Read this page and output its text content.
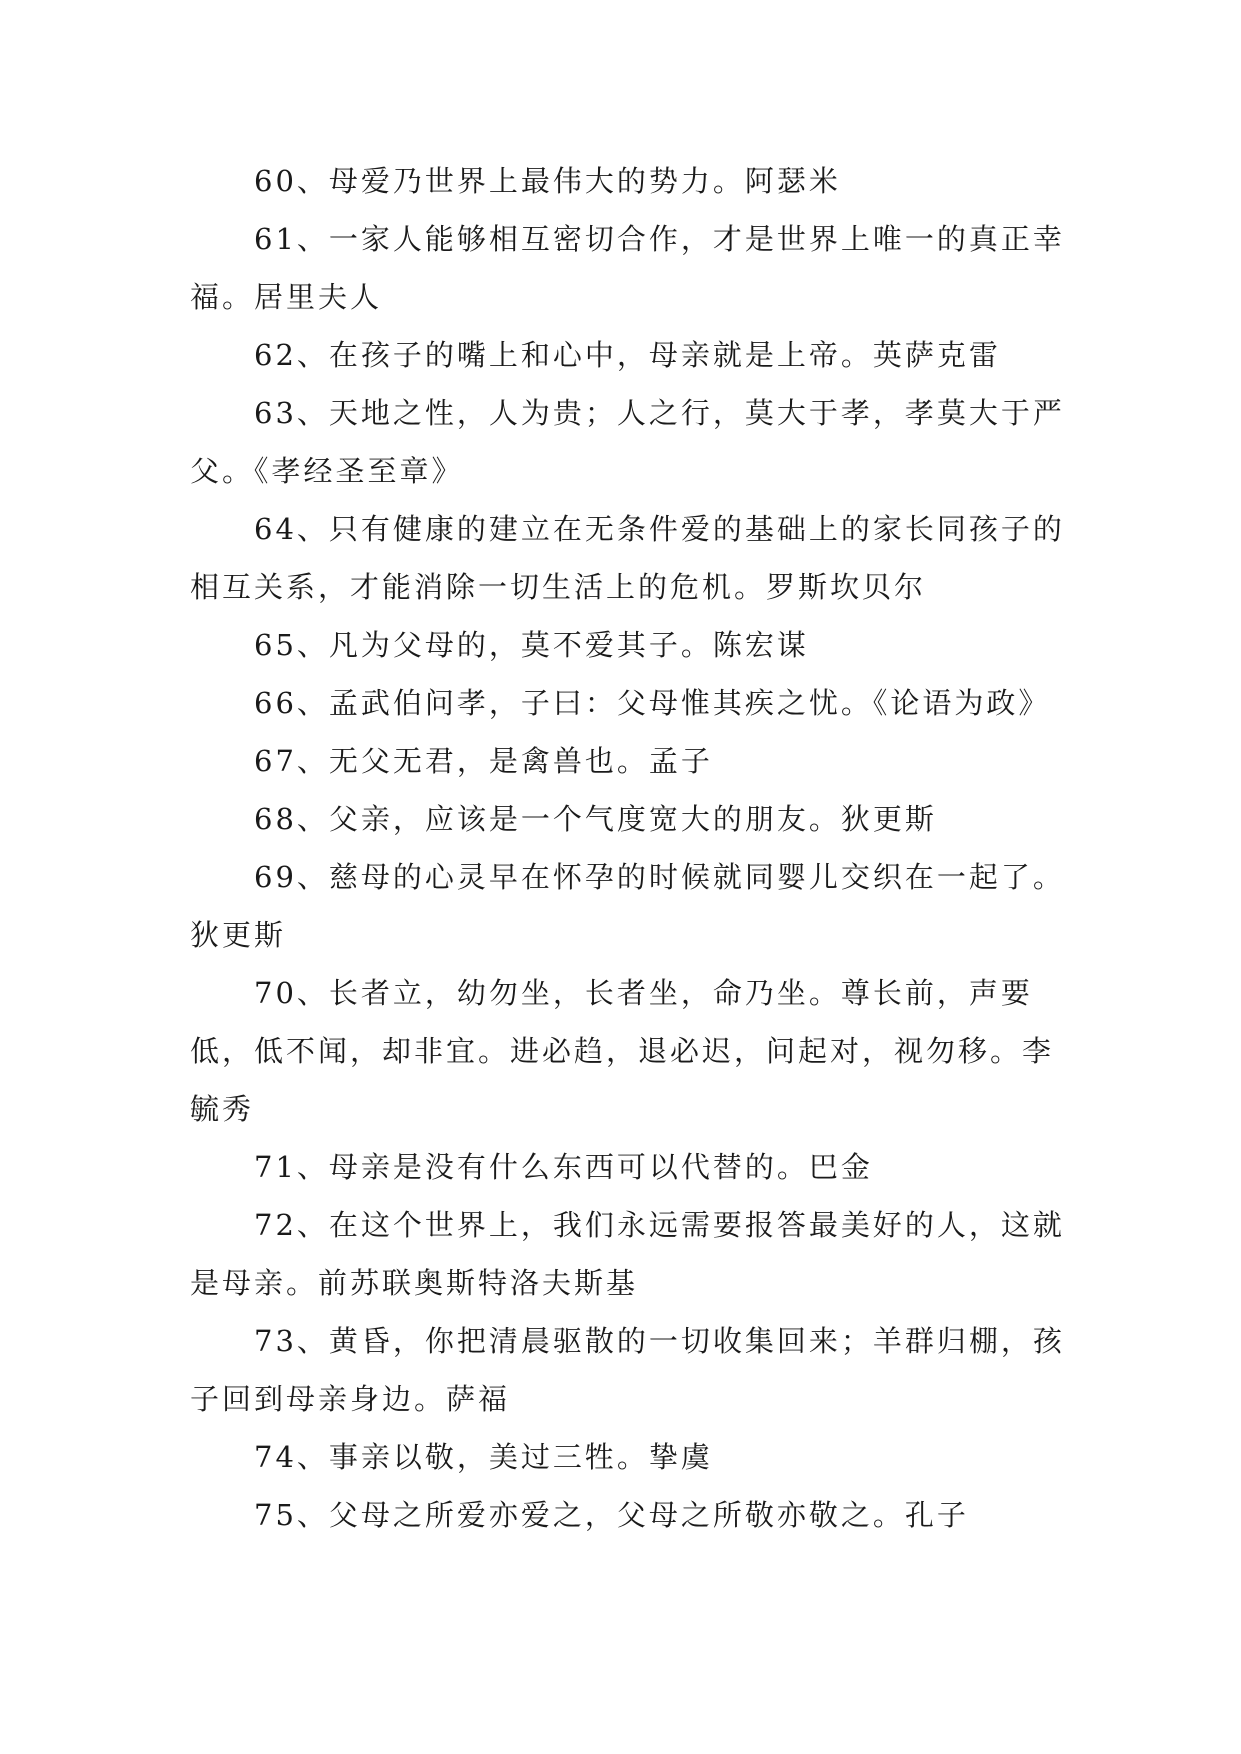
60、母爱乃世界上最伟大的势力。阿瑟米

61、一家人能够相互密切合作，才是世界上唯一的真正幸福。居里夫人

62、在孩子的嘴上和心中，母亲就是上帝。英萨克雷

63、天地之性，人为贵；人之行，莫大于孝，孝莫大于严父。《孝经圣至章》

64、只有健康的建立在无条件爱的基础上的家长同孩子的相互关系，才能消除一切生活上的危机。罗斯坎贝尔

65、凡为父母的，莫不爱其子。陈宏谋

66、孟武伯问孝，子曰：父母惟其疾之忧。《论语为政》

67、无父无君，是禽兽也。孟子

68、父亲，应该是一个气度宽大的朋友。狄更斯

69、慈母的心灵早在怀孕的时候就同婴儿交织在一起了。狄更斯

70、长者立，幼勿坐，长者坐，命乃坐。尊长前，声要低，低不闻，却非宜。进必趋，退必迟，问起对，视勿移。李毓秀

71、母亲是没有什么东西可以代替的。巴金

72、在这个世界上，我们永远需要报答最美好的人，这就是母亲。前苏联奥斯特洛夫斯基

73、黄昏，你把清晨驱散的一切收集回来；羊群归棚，孩子回到母亲身边。萨福

74、事亲以敬，美过三牲。挚虞

75、父母之所爱亦爱之，父母之所敬亦敬之。孔子
